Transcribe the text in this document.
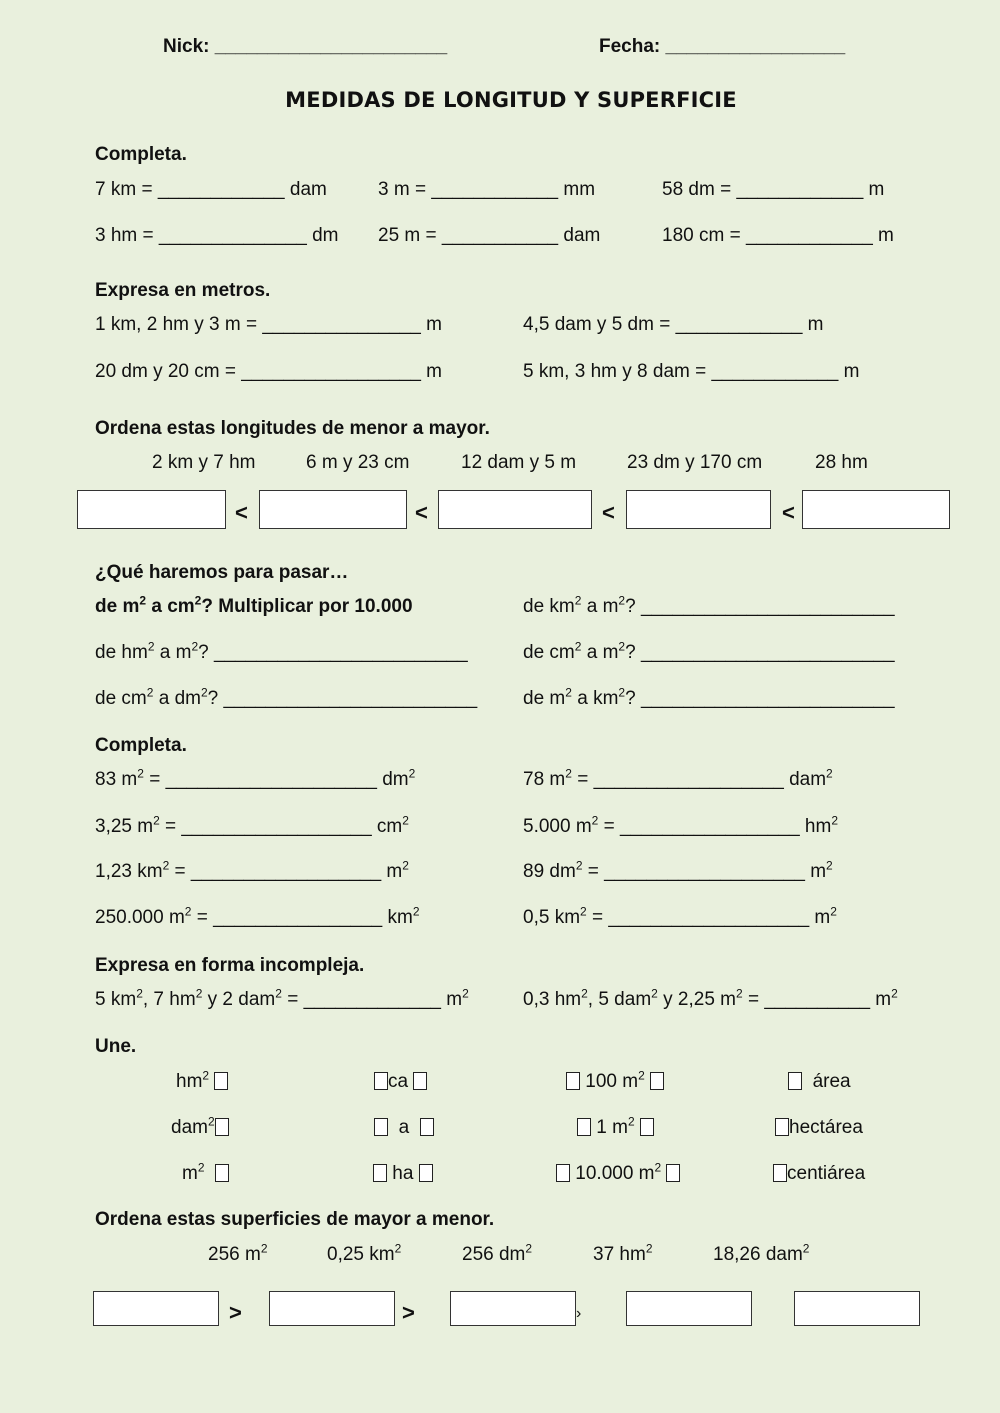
Nick: ______________________	Fecha: _________________
MEDIDAS DE LONGITUD Y SUPERFICIE
Completa.
7 km = ____________ dam	3 m = ____________ mm	58 dm = ____________ m
3 hm = ______________ dm 25 m = ___________ dam	180 cm = ____________ m
Expresa en metros.
1 km, 2 hm y 3 m = _______________ m	4,5 dam y 5 dm = ____________ m
20 dm y 20 cm = _________________ m	5 km, 3 hm y 8 dam = ____________ m
Ordena estas longitudes de menor a mayor.
2 km y 7 hm	6 m y 23 cm	12 dam y 5 m	23 dm y 170 cm	28 hm
<	<	<	<
¿Qué haremos para pasar…
de $m^2$ a $cm^2$? Multiplicar por 10.000	de $km^2$ a $m^2$? ________________________
de $hm^2$ a $m^2$? ________________________	de $cm^2$ a $m^2$? ________________________
de $cm^2$ a $dm^2$? ________________________ de $m^2$ a $km^2$? ________________________
Completa.
83 $m^2$ = ____________________ $dm^2$	78 $m^2$ = __________________ dam$^2$
3,25 $m^2$ = __________________ $cm^2$	5.000 $m^2$ = _________________ $hm^2$
1,23 $km^2$ = __________________ $m^2$	89 $dm^2$ = ___________________ $m^2$
250.000 $m^2$ = ________________ $km^2$	0,5 $km^2$ = ___________________ $m^2$
Expresa en forma incompleja.
5 $km^2$, 7 $hm^2$ y 2 dam$^2$ = _____________ $m^2$	0,3 $hm^2$, 5 dam$^2$ y 2,25 $m^2$ = __________ $m^2$
Une.
$hm^2$	ca	100 $m^2$	área
dam$^2$	a	1 $m^2$	hectárea
$m^2$	ha	10.000 $m^2$	centiárea
Ordena estas superficies de mayor a menor.
256 $m^2$	0,25 $km^2$	256 $dm^2$	37 $hm^2$	18,26 dam$^2$
>	>	›
